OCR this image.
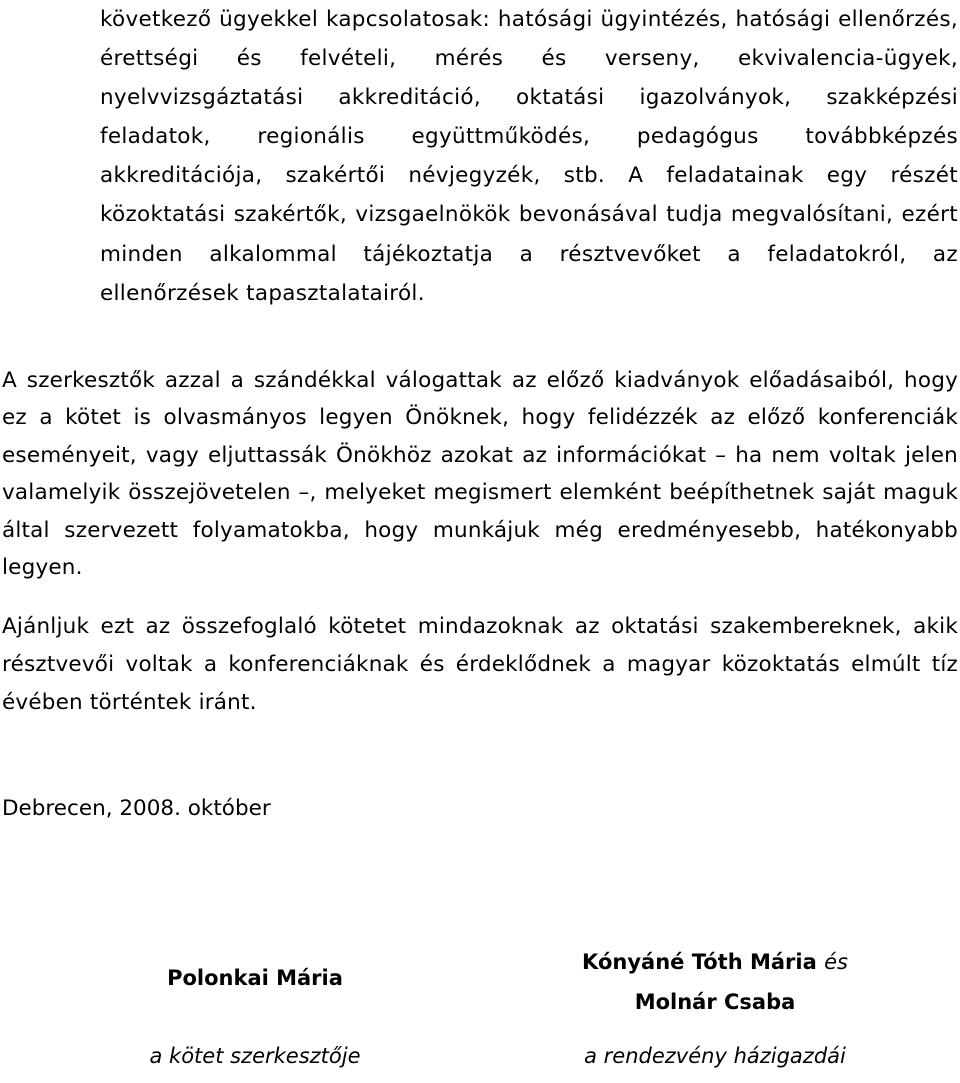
következő ügyekkel kapcsolatosak: hatósági ügyintézés, hatósági ellenőrzés, érettségi és felvételi, mérés és verseny, ekvivalencia-ügyek, nyelvvizsgáztatási akkreditáció, oktatási igazolványok, szakképzési feladatok, regionális együttműködés, pedagógus továbbképzés akkreditációja, szakértői névjegyzék, stb. A feladatainak egy részét közoktatási szakértők, vizsgaelnökök bevonásával tudja megvalósítani, ezért minden alkalommal tájékoztatja a résztvevőket a feladatokról, az ellenőrzések tapasztalatairól.

A szerkesztők azzal a szándékkal válogattak az előző kiadványok előadásaiból, hogy ez a kötet is olvasmányos legyen Önöknek, hogy felidézzék az előző konferenciák eseményeit, vagy eljuttassák Önökhöz azokat az információkat – ha nem voltak jelen valamelyik összejövetelen –, melyeket megismert elemként beépíthetnek saját maguk által szervezett folyamatokba, hogy munkájuk még eredményesebb, hatékonyabb legyen.

Ajánljuk ezt az összefoglaló kötetet mindazoknak az oktatási szakembereknek, akik résztvevői voltak a konferenciáknak és érdeklődnek a magyar közoktatás elmúlt tíz évében történtek iránt.

Debrecen, 2008. október
Polonkai Mária
a kötet szerkesztője
Kónyáné Tóth Mária és
Molnár Csaba
a rendezvény házigazdái
